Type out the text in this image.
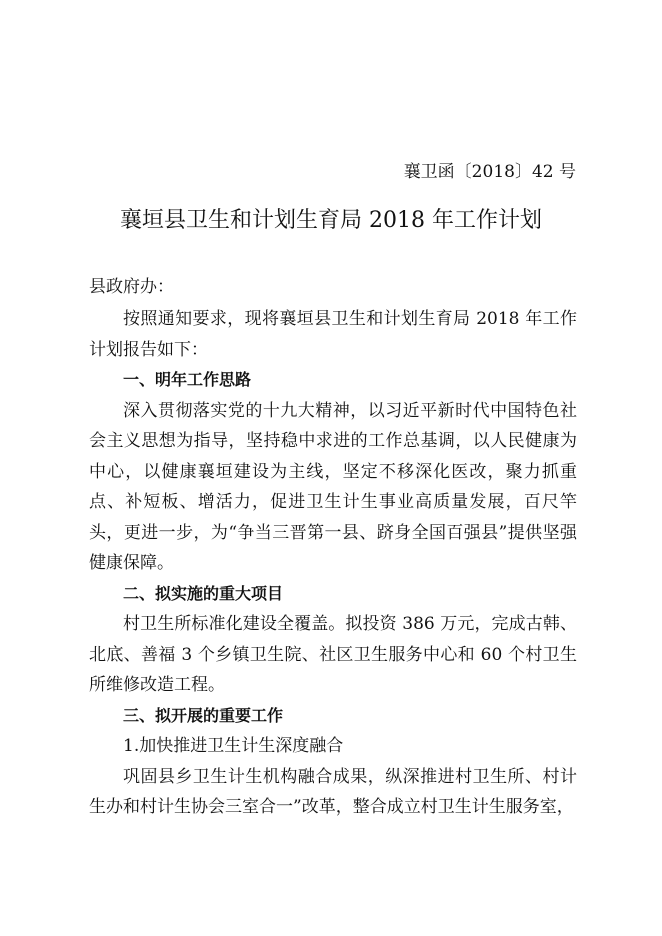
襄卫函〔2018〕42 号
襄垣县卫生和计划生育局 2018 年工作计划
县政府办：

按照通知要求，现将襄垣县卫生和计划生育局 2018 年工作计划报告如下：

一、明年工作思路

深入贯彻落实党的十九大精神，以习近平新时代中国特色社会主义思想为指导，坚持稳中求进的工作总基调，以人民健康为中心，以健康襄垣建设为主线，坚定不移深化医改，聚力抓重点、补短板、增活力，促进卫生计生事业高质量发展，百尺竿头，更进一步，为“争当三晋第一县、跻身全国百强县”提供坚强健康保障。

二、拟实施的重大项目

村卫生所标准化建设全覆盖。拟投资 386 万元，完成古韩、北底、善福 3 个乡镇卫生院、社区卫生服务中心和 60 个村卫生所维修改造工程。

三、拟开展的重要工作

1.加快推进卫生计生深度融合

巩固县乡卫生计生机构融合成果，纵深推进村卫生所、村计生办和村计生协会三室合一”改革，整合成立村卫生计生服务室，
